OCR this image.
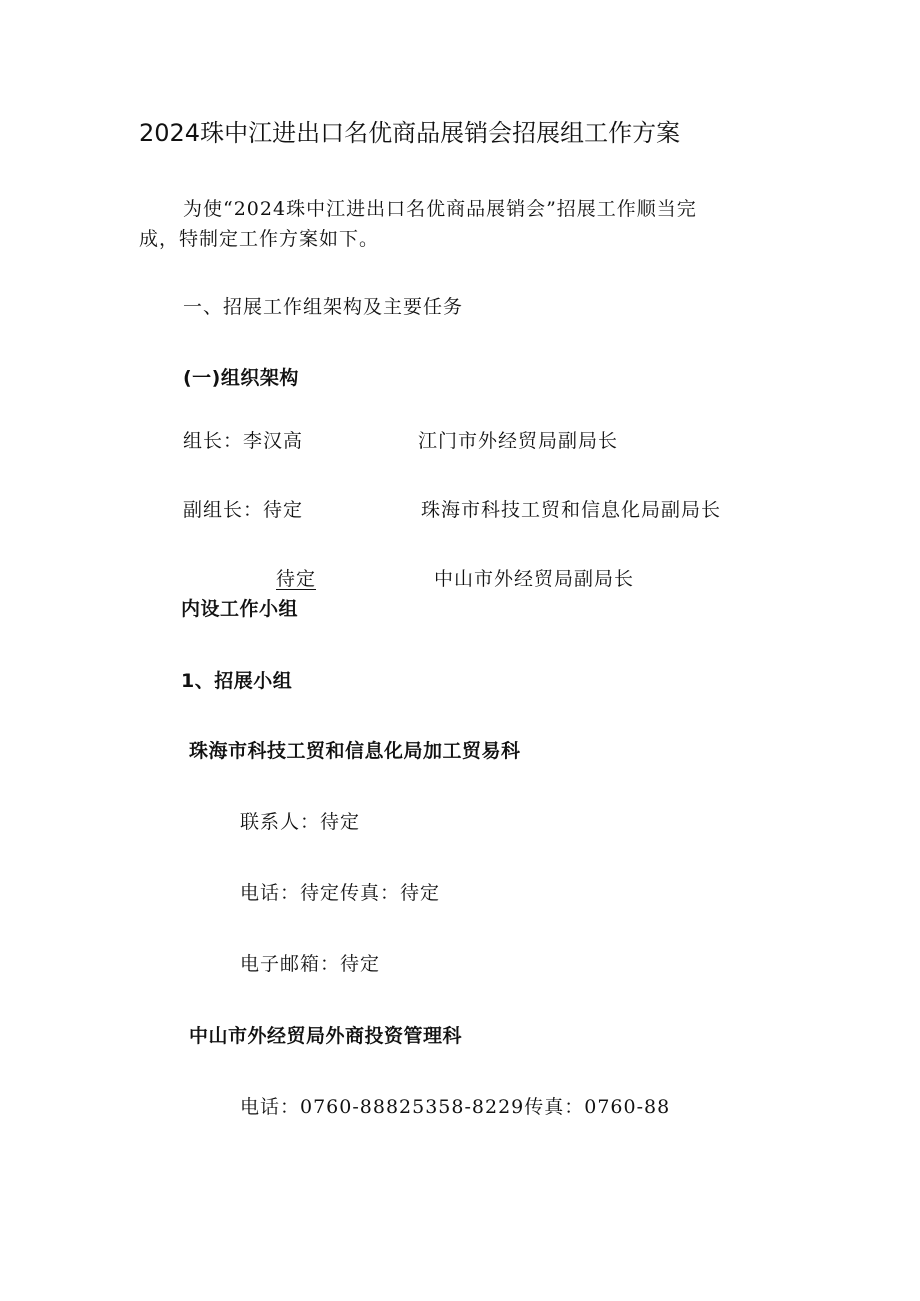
2024珠中江进出口名优商品展销会招展组工作方案
为使“2024珠中江进出口名优商品展销会”招展工作顺当完
成，特制定工作方案如下。
一、招展工作组架构及主要任务
(一)组织架构
组长：李汉高	江门市外经贸局副局长
副组长：待定	珠海市科技工贸和信息化局副局长
待定	中山市外经贸局副局长
内设工作小组
1、招展小组
珠海市科技工贸和信息化局加工贸易科
联系人：待定
电话：待定传真：待定
电子邮箱：待定
中山市外经贸局外商投资管理科
电话：0760-88825358-8229传真：0760-88
